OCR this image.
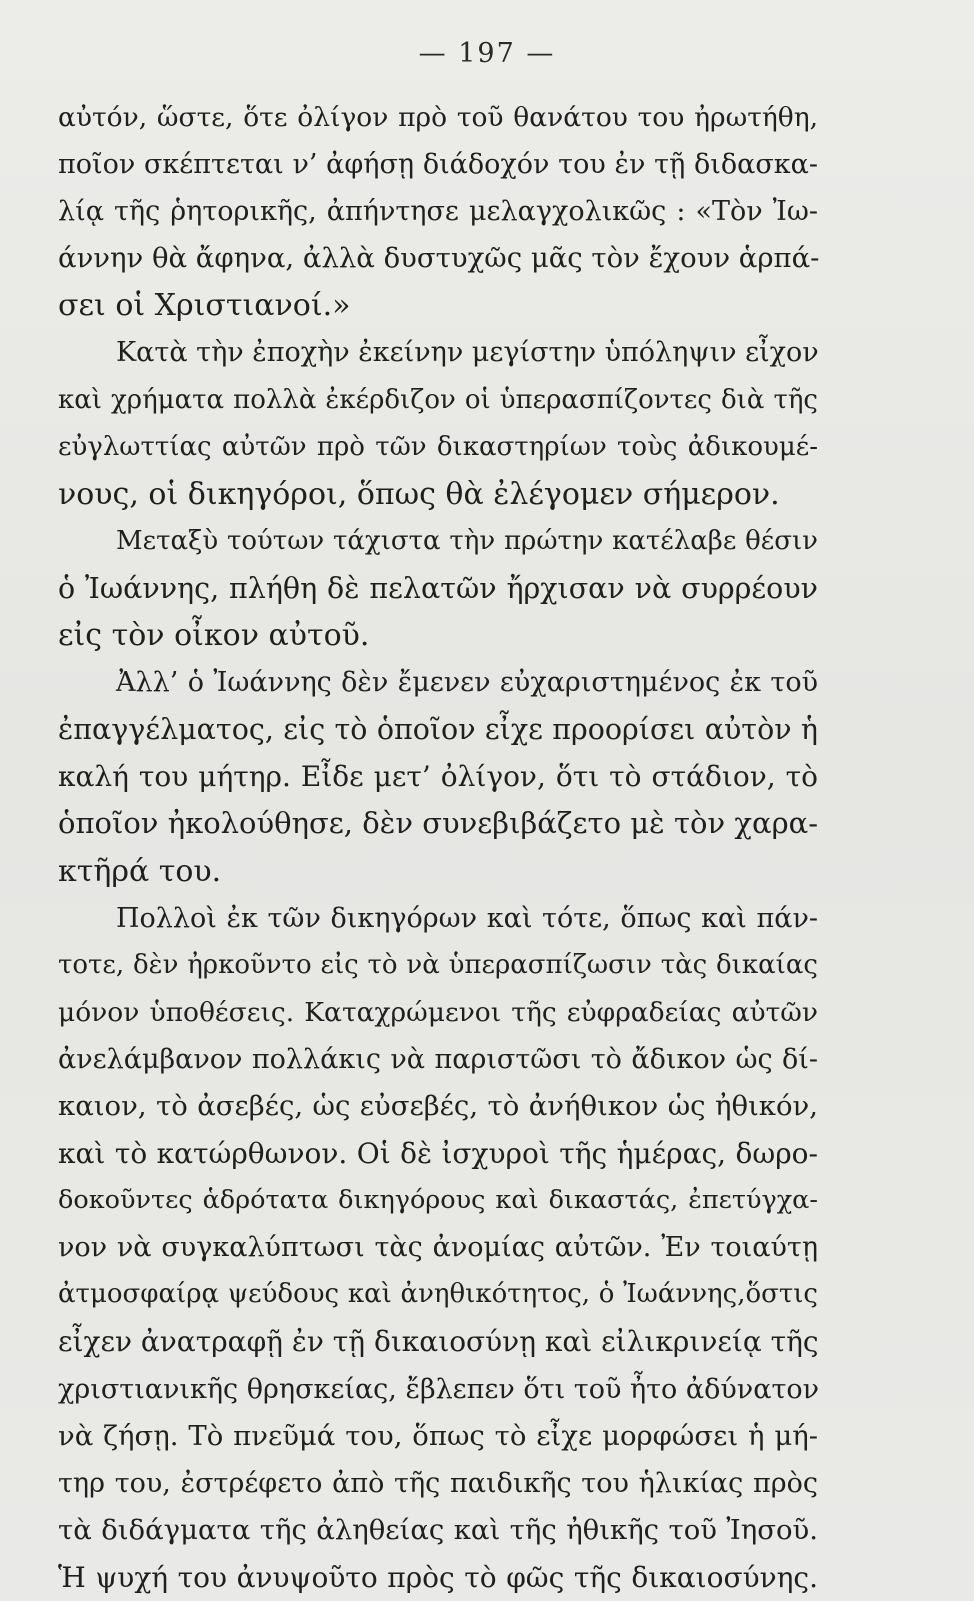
— 197 —
αὐτόν, ὥστε, ὅτε ὀλίγον πρὸ τοῦ θανάτου του ἠρωτήθη,
ποῖον σκέπτεται ν’ ἀφήσῃ διάδοχόν του ἐν τῇ διδασκα-
λίᾳ τῆς ῥητορικῆς, ἀπήντησε μελαγχολικῶς : «Τὸν Ἰω-
άννην θὰ ἄφηνα, ἀλλὰ δυστυχῶς μᾶς τὸν ἔχουν ἁρπά-
σει οἱ Χριστιανοί.»
Κατὰ τὴν ἐποχὴν ἐκείνην μεγίστην ὑπόληψιν εἶχον
καὶ χρήματα πολλὰ ἐκέρδιζον οἱ ὑπερασπίζοντες διὰ τῆς
εὐγλωττίας αὐτῶν πρὸ τῶν δικαστηρίων τοὺς ἀδικουμέ-
νους, οἱ δικηγόροι, ὅπως θὰ ἐλέγομεν σήμερον.
Μεταξὺ τούτων τάχιστα τὴν πρώτην κατέλαβε θέσιν
ὁ Ἰωάννης, πλήθη δὲ πελατῶν ἤρχισαν νὰ συρρέουν
εἰς τὸν οἶκον αὐτοῦ.
Ἀλλ’ ὁ Ἰωάννης δὲν ἔμενεν εὐχαριστημένος ἐκ τοῦ
ἐπαγγέλματος, εἰς τὸ ὁποῖον εἶχε προορίσει αὐτὸν ἡ
καλή του μήτηρ. Εἶδε μετ’ ὀλίγον, ὅτι τὸ στάδιον, τὸ
ὁποῖον ἠκολούθησε, δὲν συνεβιβάζετο μὲ τὸν χαρα-
κτῆρά του.
Πολλοὶ ἐκ τῶν δικηγόρων καὶ τότε, ὅπως καὶ πάν-
τοτε, δὲν ἠρκοῦντο εἰς τὸ νὰ ὑπερασπίζωσιν τὰς δικαίας
μόνον ὑποθέσεις. Καταχρώμενοι τῆς εὐφραδείας αὐτῶν
ἀνελάμβανον πολλάκις νὰ παριστῶσι τὸ ἄδικον ὡς δί-
καιον, τὸ ἀσεβές, ὡς εὐσεβές, τὸ ἀνήθικον ὡς ἠθικόν,
καὶ τὸ κατώρθωνον. Οἱ δὲ ἰσχυροὶ τῆς ἡμέρας, δωρο-
δοκοῦντες ἁδρότατα δικηγόρους καὶ δικαστάς, ἐπετύγχα-
νον νὰ συγκαλύπτωσι τὰς ἀνομίας αὐτῶν. Ἐν τοιαύτῃ
ἀτμοσφαίρᾳ ψεύδους καὶ ἀνηθικότητος, ὁ Ἰωάννης,ὅστις
εἶχεν ἀνατραφῇ ἐν τῇ δικαιοσύνῃ καὶ εἰλικρινείᾳ τῆς
χριστιανικῆς θρησκείας, ἔβλεπεν ὅτι τοῦ ἦτο ἀδύνατον
νὰ ζήσῃ. Τὸ πνεῦμά του, ὅπως τὸ εἶχε μορφώσει ἡ μή-
τηρ του, ἐστρέφετο ἀπὸ τῆς παιδικῆς του ἡλικίας πρὸς
τὰ διδάγματα τῆς ἀληθείας καὶ τῆς ἠθικῆς τοῦ Ἰησοῦ.
Ἡ ψυχή του ἀνυψοῦτο πρὸς τὸ φῶς τῆς δικαιοσύνης.
